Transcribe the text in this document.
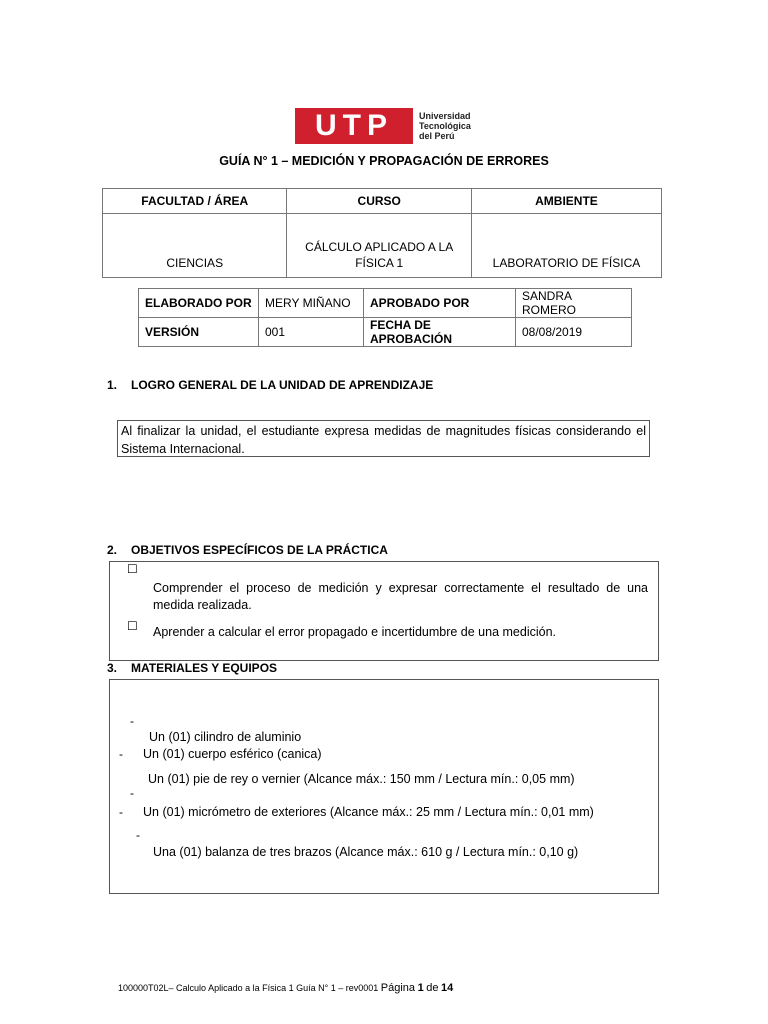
UTP	Universidad
Tecnológica
del Perú
GUÍA N° 1 – MEDICIÓN Y PROPAGACIÓN DE ERRORES
FACULTAD / ÁREA	CURSO	AMBIENTE
CIENCIAS	CÁLCULO APLICADO A LA FÍSICA 1	LABORATORIO DE FÍSICA
ELABORADO POR	MERY MIÑANO	APROBADO POR	SANDRA ROMERO
VERSIÓN	001	FECHA DE APROBACIÓN	08/08/2019
1. LOGRO GENERAL DE LA UNIDAD DE APRENDIZAJE
Al finalizar la unidad, el estudiante expresa medidas de magnitudes físicas considerando el Sistema Internacional.
2. OBJETIVOS ESPECÍFICOS DE LA PRÁCTICA
☐
Comprender el proceso de medición y expresar correctamente el resultado de una medida realizada.
☐ Aprender a calcular el error propagado e incertidumbre de una medición.
3. MATERIALES Y EQUIPOS
-
Un (01) cilindro de aluminio
- Un (01) cuerpo esférico (canica)
Un (01) pie de rey o vernier (Alcance máx.: 150 mm / Lectura mín.: 0,05 mm)
-
- Un (01) micrómetro de exteriores (Alcance máx.: 25 mm / Lectura mín.: 0,01 mm)
-
Una (01) balanza de tres brazos (Alcance máx.: 610 g / Lectura mín.: 0,10 g)
100000T02L– Calculo Aplicado a la Física 1 Guía N° 1 – rev0001 Página 1 de 14
